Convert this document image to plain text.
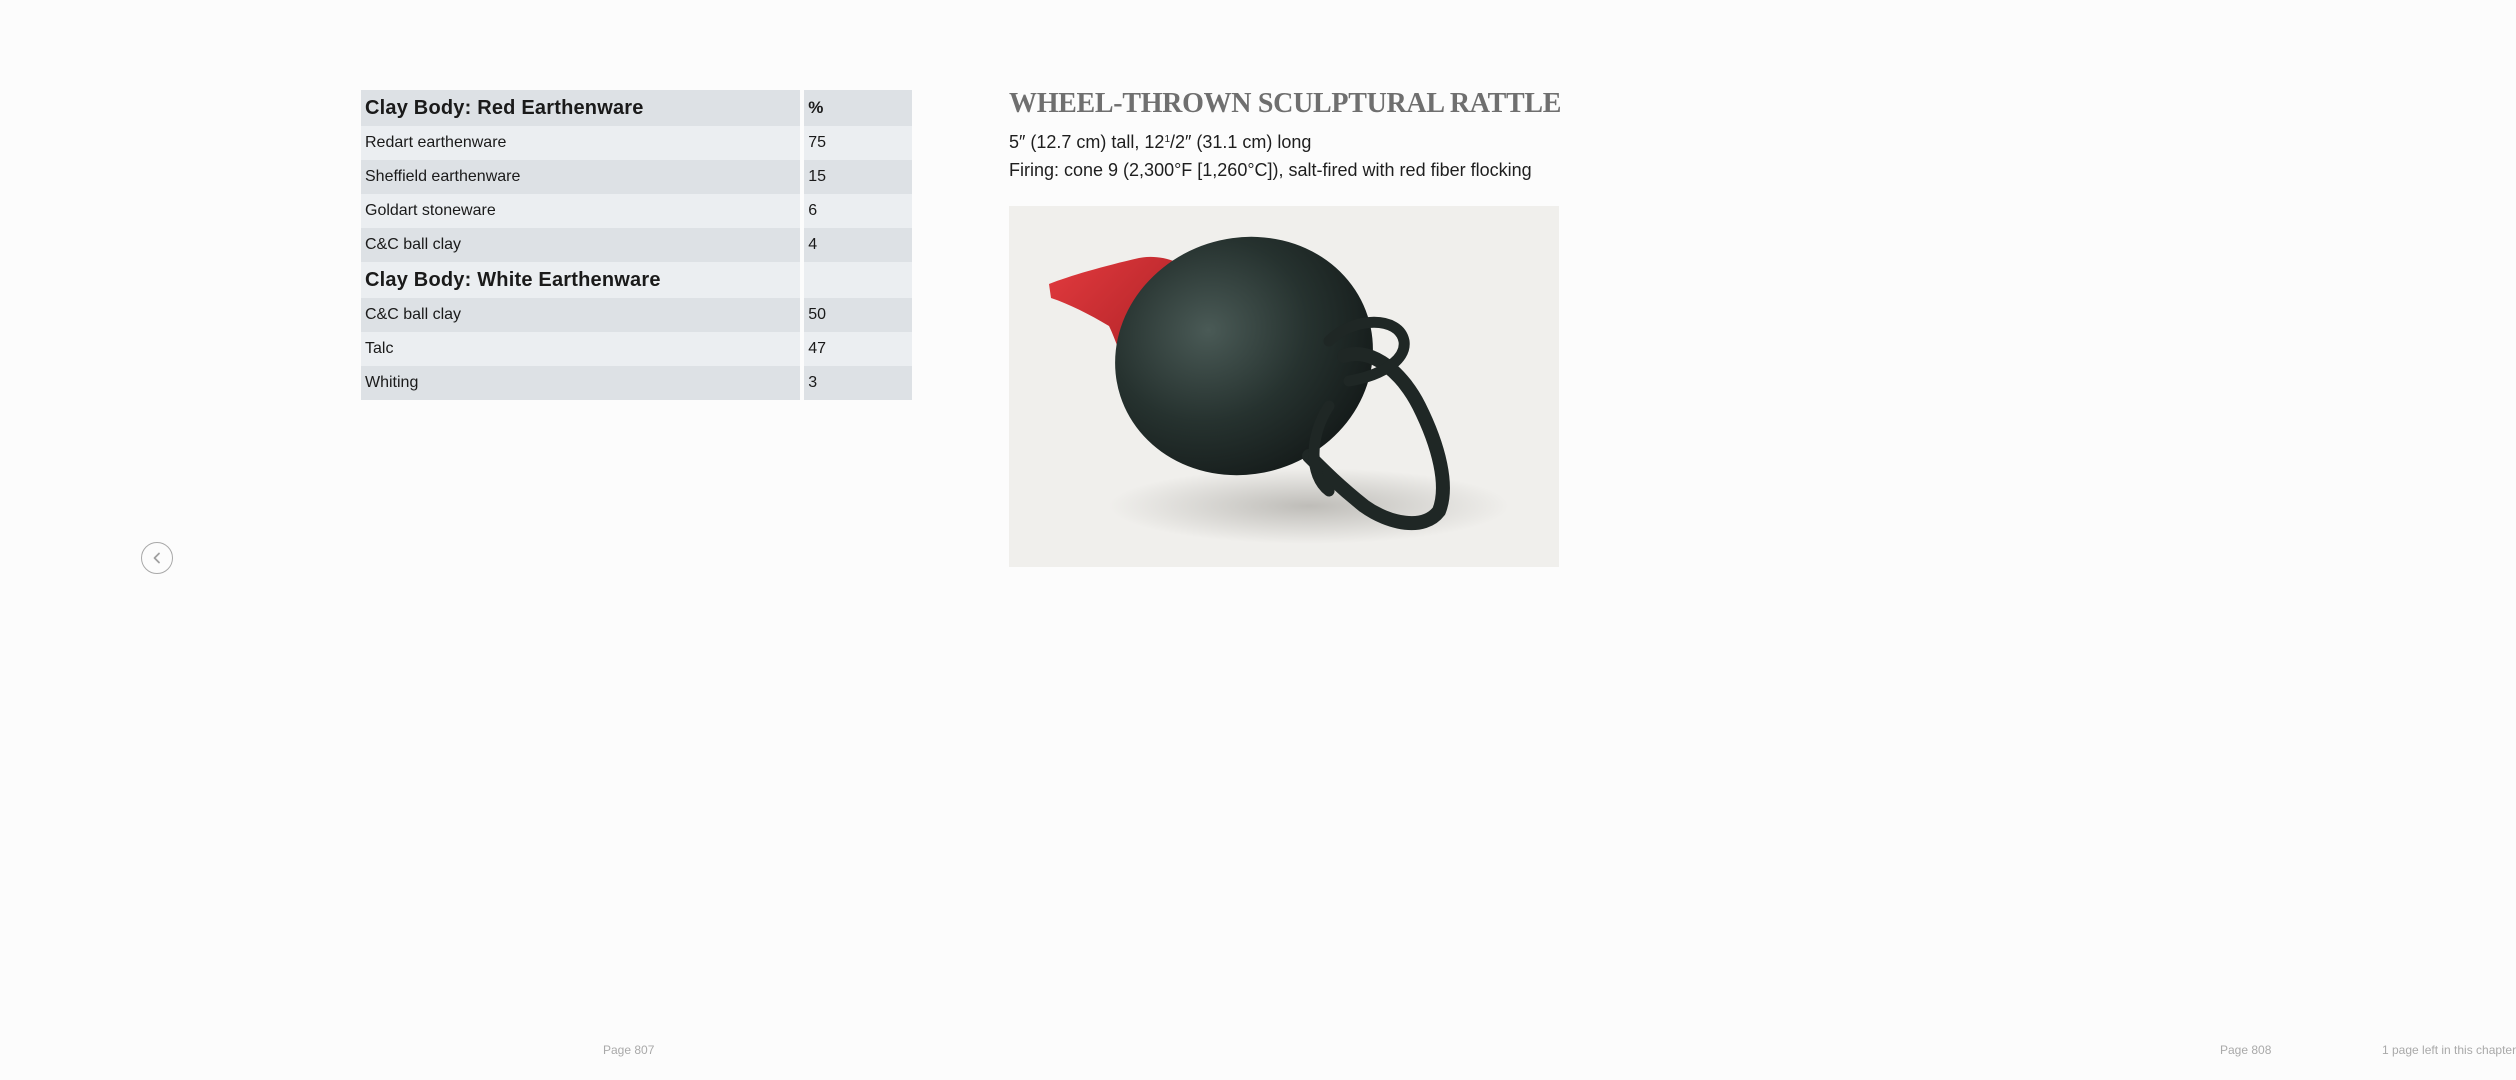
Clay Body: Red Earthenware	%
Redart earthenware	75
Sheffield earthenware	15
Goldart stoneware	6
C&C ball clay	4
Clay Body: White Earthenware	
C&C ball clay	50
Talc	47
Whiting	3
Page 807
WHEEL-THROWN SCULPTURAL RATTLE

5″ (12.7 cm) tall, $12^1/2''$ (31.1 cm) long

Firing: cone 9 (2,300°F [1,260°C]), salt-fired with red fiber flocking

Page 808	1 page left in this chapter
